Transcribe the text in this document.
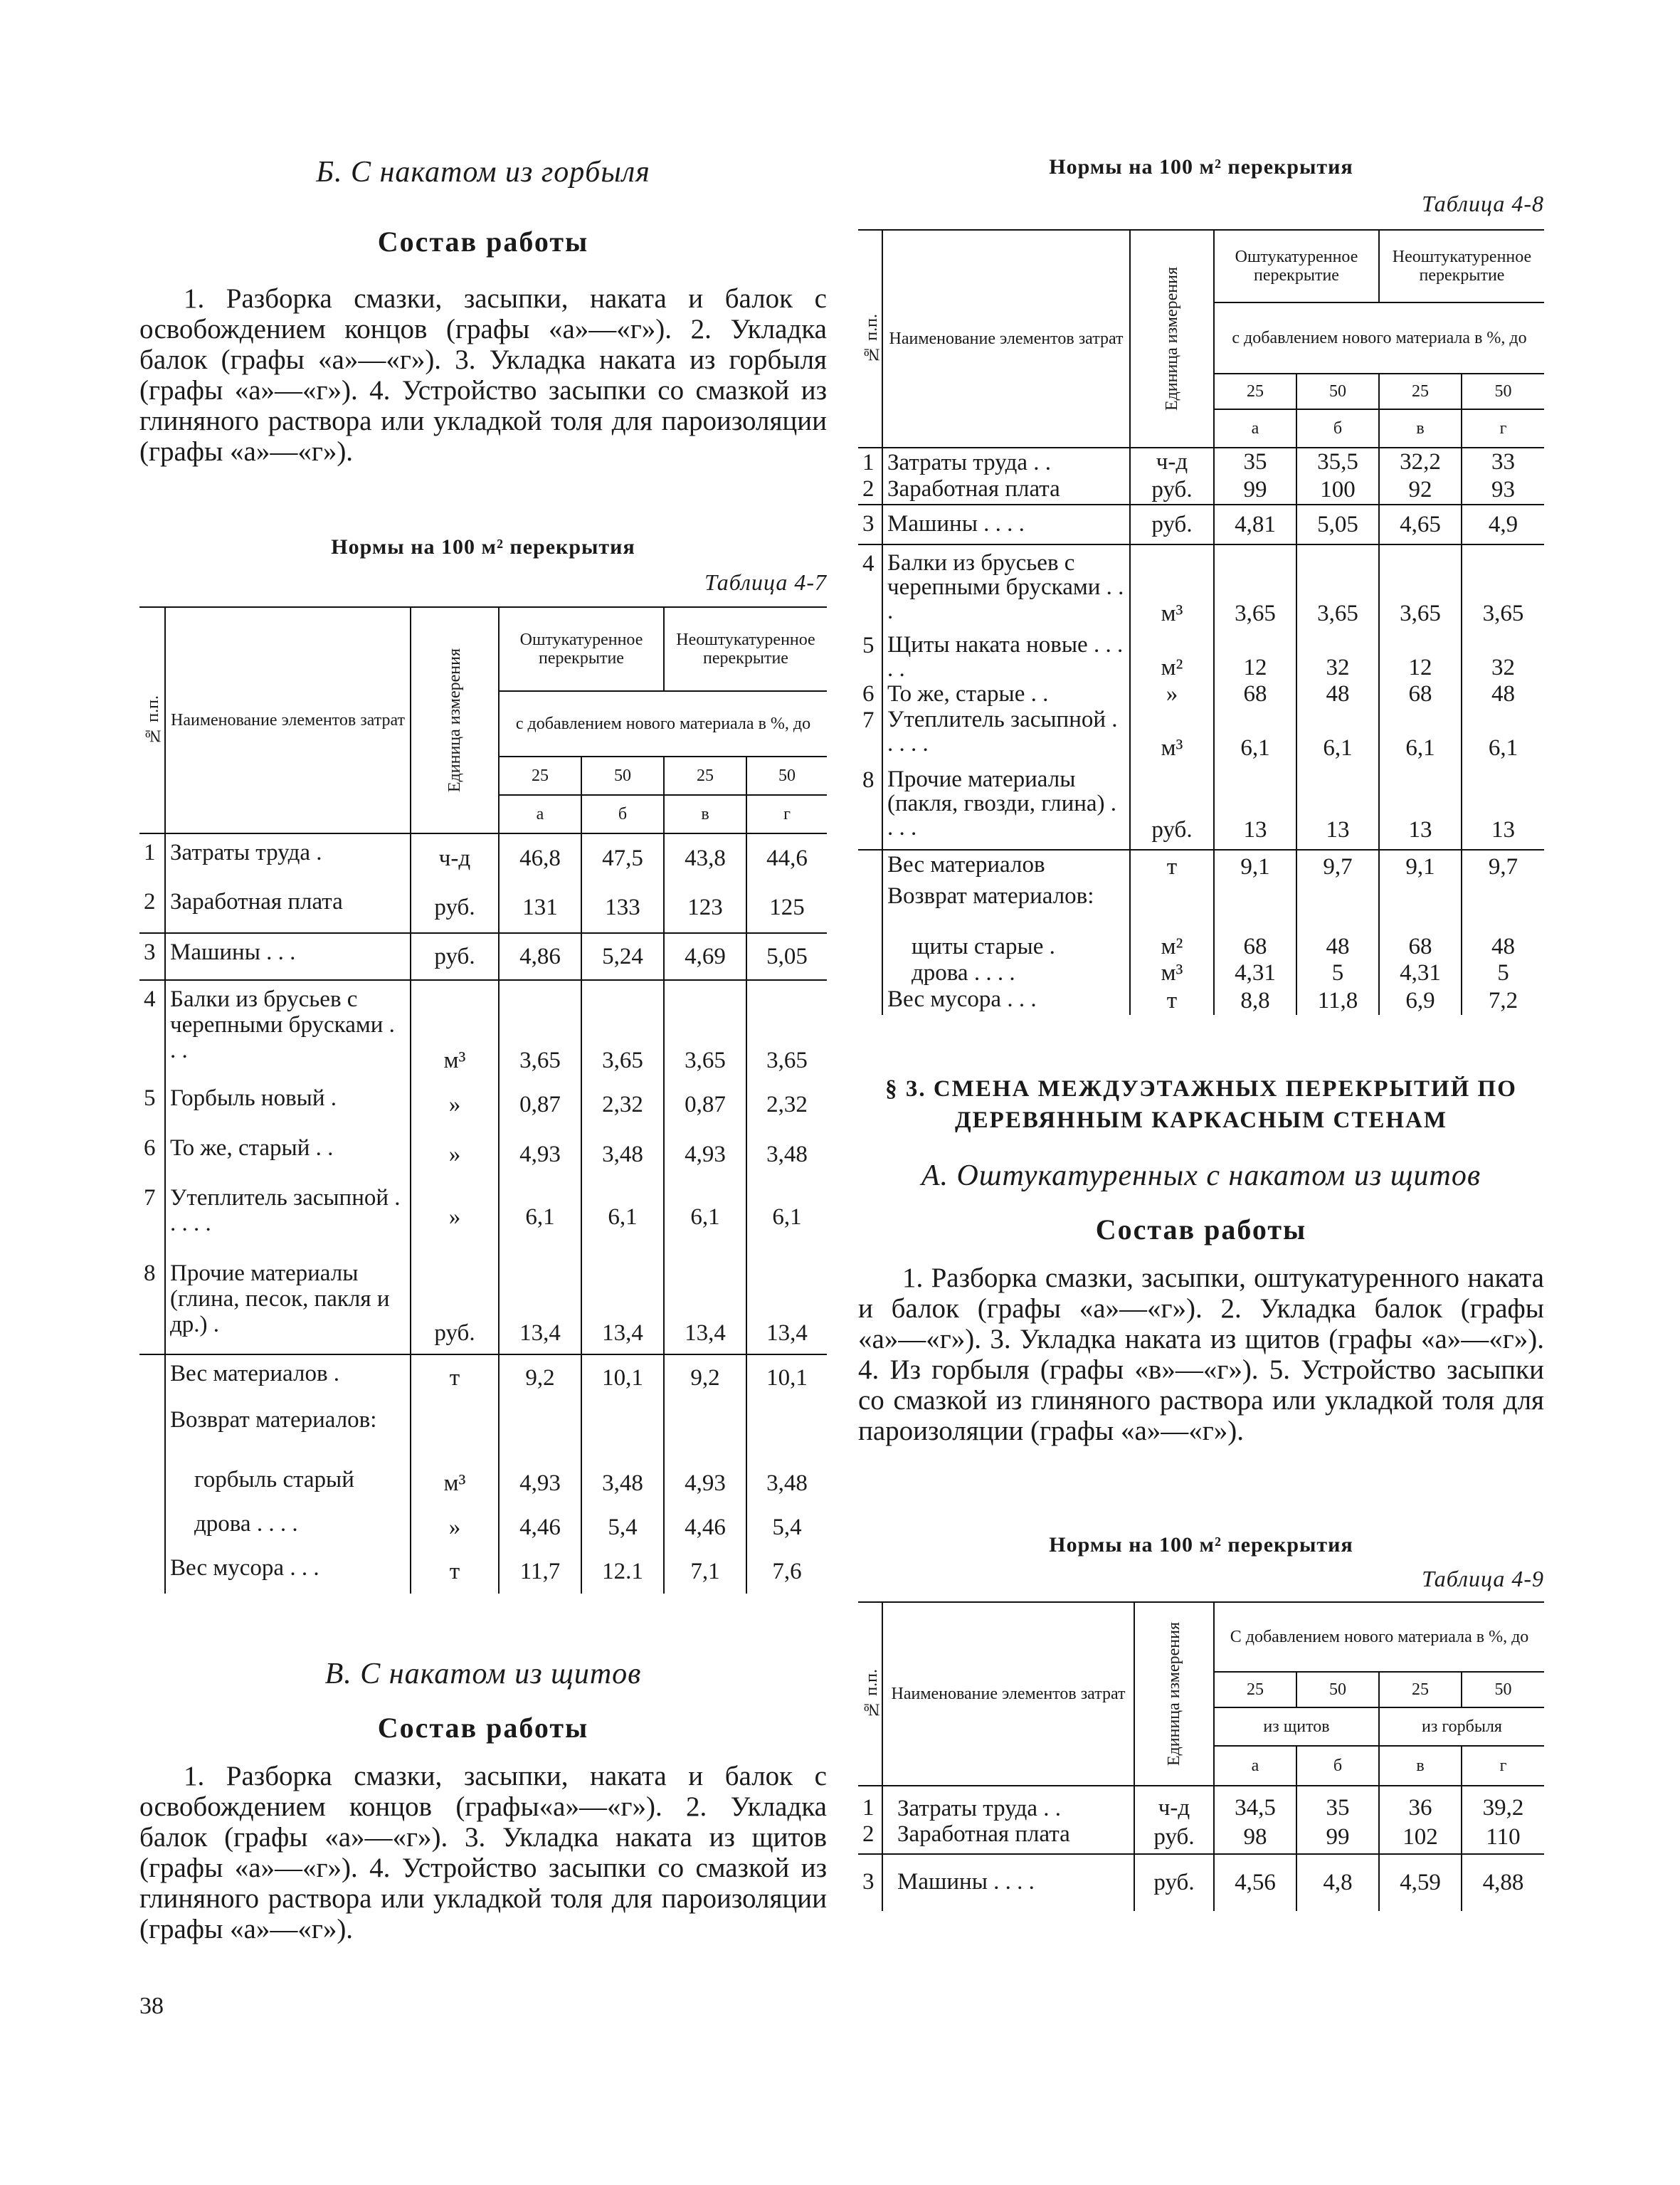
Б. С накатом из горбыля
Состав работы

1. Разборка смазки, засыпки, наката и балок с освобождением концов (графы «а»—«г»). 2. Укладка балок (графы «а»—«г»). 3. Укладка наката из горбыля (графы «а»—«г»). 4. Устройство засыпки со смазкой из глиняного раствора или укладкой толя для пароизоляции (графы «а»—«г»).

Нормы на 100 м² перекрытия
Таблица 4-7
№ п.п.	Наименование элементов затрат	Единица измерения	Оштукатуренное перекрытие		Неоштукатуренное перекрытие	
			с добавлением нового материала в %, до			
			25	50	25	50
			а	б	в	г
1	Затраты труда .	ч-д	46,8	47,5	43,8	44,6
2	Заработная плата	руб.	131	133	123	125
3	Машины . . .	руб.	4,86	5,24	4,69	5,05
4	Балки из брусьев с черепными брусками . . .	м³	3,65	3,65	3,65	3,65
5	Горбыль новый .	»	0,87	2,32	0,87	2,32
6	То же, старый . .	»	4,93	3,48	4,93	3,48
7	Утеплитель засыпной . . . . .	»	6,1	6,1	6,1	6,1
8	Прочие материалы (глина, песок, пакля и др.) .	руб.	13,4	13,4	13,4	13,4
	Вес материалов .	т	9,2	10,1	9,2	10,1
	Возврат материалов:					
	горбыль старый	м³	4,93	3,48	4,93	3,48
	дрова . . . .	»	4,46	5,4	4,46	5,4
	Вес мусора . . .	т	11,7	12.1	7,1	7,6
В. С накатом из щитов
Состав работы

1. Разборка смазки, засыпки, наката и балок с освобождением концов (графы«а»—«г»). 2. Укладка балок (графы «а»—«г»). 3. Укладка наката из щитов (графы «а»—«г»). 4. Устройство засыпки со смазкой из глиняного раствора или укладкой толя для пароизоляции (графы «а»—«г»).

38
Нормы на 100 м² перекрытия
Таблица 4-8
№ п.п.	Наименование элементов затрат	Единица измерения	Оштукатуренное перекрытие		Неоштукатуренное перекрытие	
			с добавлением нового материала в %, до			
			25	50	25	50
			а	б	в	г
1	Затраты труда . .	ч-д	35	35,5	32,2	33
2	Заработная плата	руб.	99	100	92	93
3	Машины . . . .	руб.	4,81	5,05	4,65	4,9
4	Балки из брусьев с черепными брусками . . .	м³	3,65	3,65	3,65	3,65
5	Щиты наката новые . . . . .	м²	12	32	12	32
6	То же, старые . .	»	68	48	68	48
7	Утеплитель засыпной . . . . .	м³	6,1	6,1	6,1	6,1
8	Прочие материалы (пакля, гвозди, глина) . . . .	руб.	13	13	13	13
	Вес материалов	т	9,1	9,7	9,1	9,7
	Возврат материалов:					
	щиты старые .	м²	68	48	68	48
	дрова . . . .	м³	4,31	5	4,31	5
	Вес мусора . . .	т	8,8	11,8	6,9	7,2
§ 3. СМЕНА МЕЖДУЭТАЖНЫХ ПЕРЕКРЫТИЙ ПО ДЕРЕВЯННЫМ КАРКАСНЫМ СТЕНАМ
А. Оштукатуренных с накатом из щитов
Состав работы

1. Разборка смазки, засыпки, оштукатуренного наката и балок (графы «а»—«г»). 2. Укладка балок (графы «а»—«г»). 3. Укладка наката из щитов (графы «а»—«г»). 4. Из горбыля (графы «в»—«г»). 5. Устройство засыпки со смазкой из глиняного раствора или укладкой толя для пароизоляции (графы «а»—«г»).

Нормы на 100 м² перекрытия
Таблица 4-9
№ п.п.	Наименование элементов затрат	Единица измерения	С добавлением нового материала в %, до			
			25	50	25	50
			из щитов		из горбыля	
			а	б	в	г
1	Затраты труда . .	ч-д	34,5	35	36	39,2
2	Заработная плата	руб.	98	99	102	110
3	Машины . . . .	руб.	4,56	4,8	4,59	4,88
